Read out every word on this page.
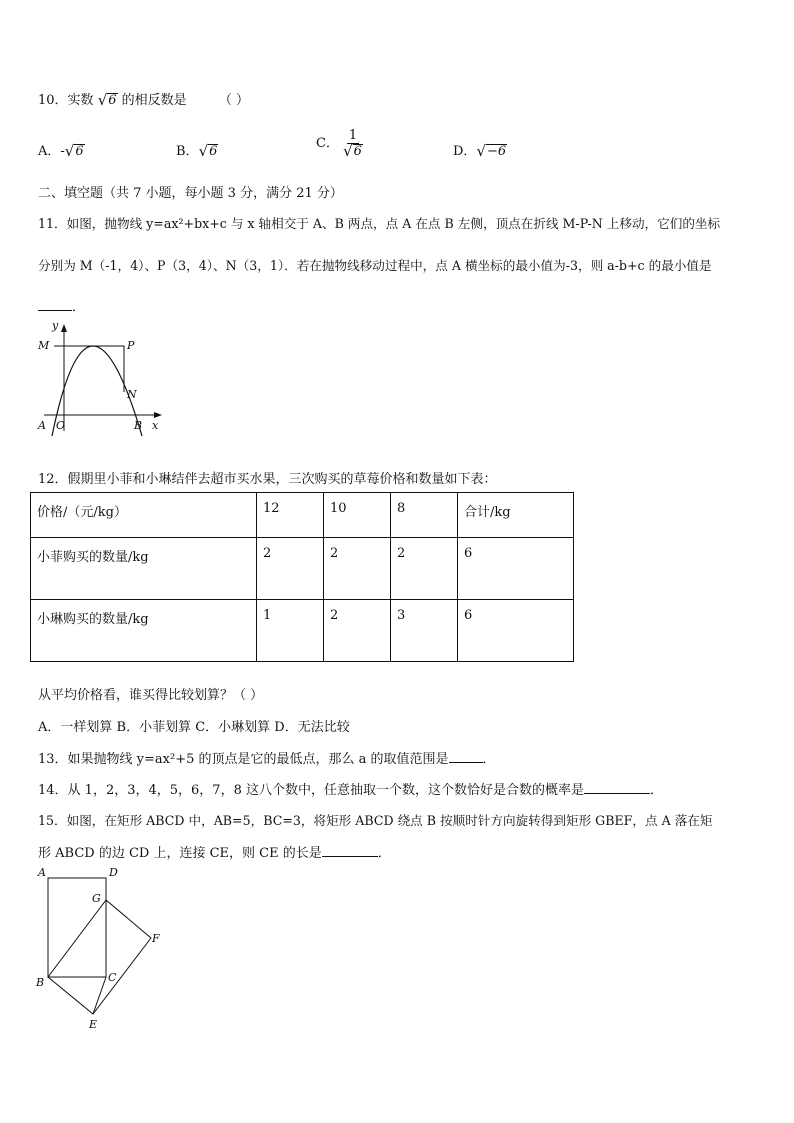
10．实数 √ 6 的相反数是 （ ）
A．- √ 6	B． √ 6
C． $\frac{1}{√ 6}$	D． √ −6
二、填空题（共 7 小题，每小题 3 分，满分 21 分）
11．如图，抛物线 y=ax²+bx+c 与 x 轴相交于 A、B 两点，点 A 在点 B 左侧，顶点在折线 M-P-N 上移动，它们的坐标
分别为 M（-1，4）、P（3，4）、N（3，1）．若在抛物线移动过程中，点 A 横坐标的最小值为-3，则 a-b+c 的最小值是
．
y
M	P
N
A O	B x
12．假期里小菲和小琳结伴去超市买水果，三次购买的草莓价格和数量如下表：
价格/（元/kg）	12	10	8	合计/kg
小菲购买的数量/kg	2	2	2	6
小琳购买的数量/kg	1	2	3	6
从平均价格看，谁买得比较划算？（ ）
A．一样划算 B．小菲划算 C．小琳划算 D．无法比较
13．如果抛物线 y=ax²+5 的顶点是它的最低点，那么 a 的取值范围是	．
14．从 1，2，3，4，5，6，7，8 这八个数中，任意抽取一个数，这个数恰好是合数的概率是	．
15．如图，在矩形 ABCD 中，AB=5，BC=3，将矩形 ABCD 绕点 B 按顺时针方向旋转得到矩形 GBEF，点 A 落在矩
形 ABCD 的边 CD 上，连接 CE，则 CE 的长是	．
A	D
G
F
B	C
E
